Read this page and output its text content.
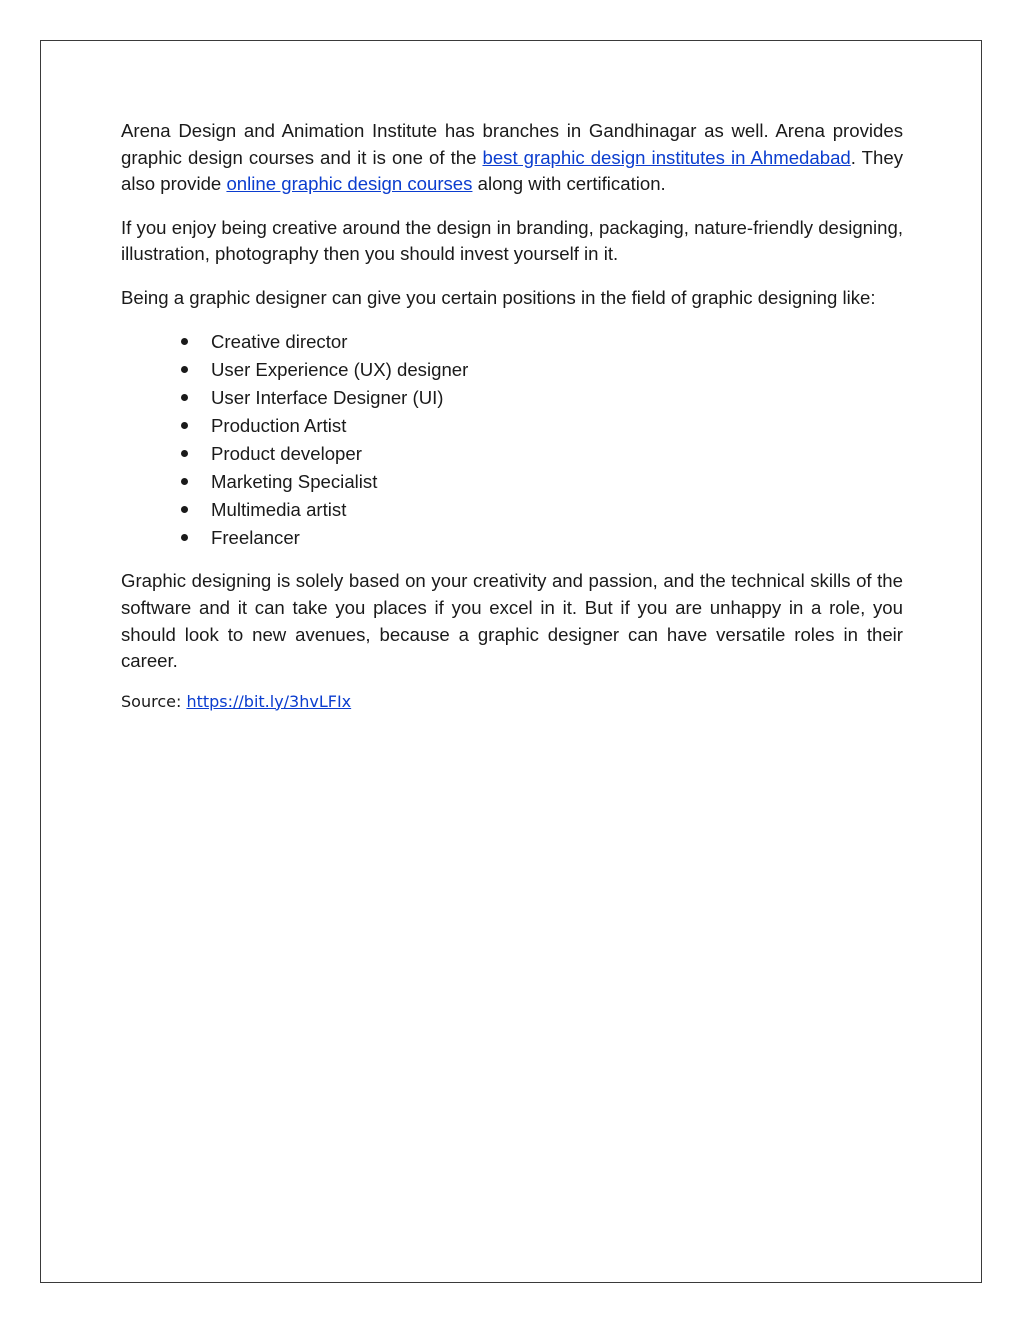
Arena Design and Animation Institute has branches in Gandhinagar as well. Arena provides graphic design courses and it is one of the best graphic design institutes in Ahmedabad. They also provide online graphic design courses along with certification.

If you enjoy being creative around the design in branding, packaging, nature-friendly designing, illustration, photography then you should invest yourself in it.

Being a graphic designer can give you certain positions in the field of graphic designing like:

Creative director
User Experience (UX) designer
User Interface Designer (UI)
Production Artist
Product developer
Marketing Specialist
Multimedia artist
Freelancer

Graphic designing is solely based on your creativity and passion, and the technical skills of the software and it can take you places if you excel in it. But if you are unhappy in a role, you should look to new avenues, because a graphic designer can have versatile roles in their career.

Source: https://bit.ly/3hvLFIx
